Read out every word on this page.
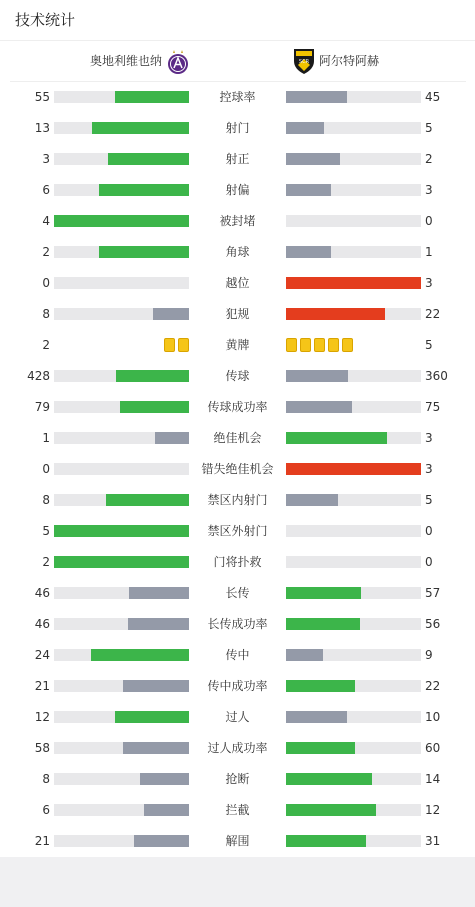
技术统计
奥地利维也纳	SCR 阿尔特阿赫
55	控球率	45
13	射门	5
3	射正	2
6	射偏	3
4	被封堵	0
2	角球	1
0	越位	3
8	犯规	22
2	黄牌	5
428	传球	360
79	传球成功率	75
1	绝佳机会	3
0	错失绝佳机会	3
8	禁区内射门	5
5	禁区外射门	0
2	门将扑救	0
46	长传	57
46	长传成功率	56
24	传中	9
21	传中成功率	22
12	过人	10
58	过人成功率	60
8	抢断	14
6	拦截	12
21	解围	31
